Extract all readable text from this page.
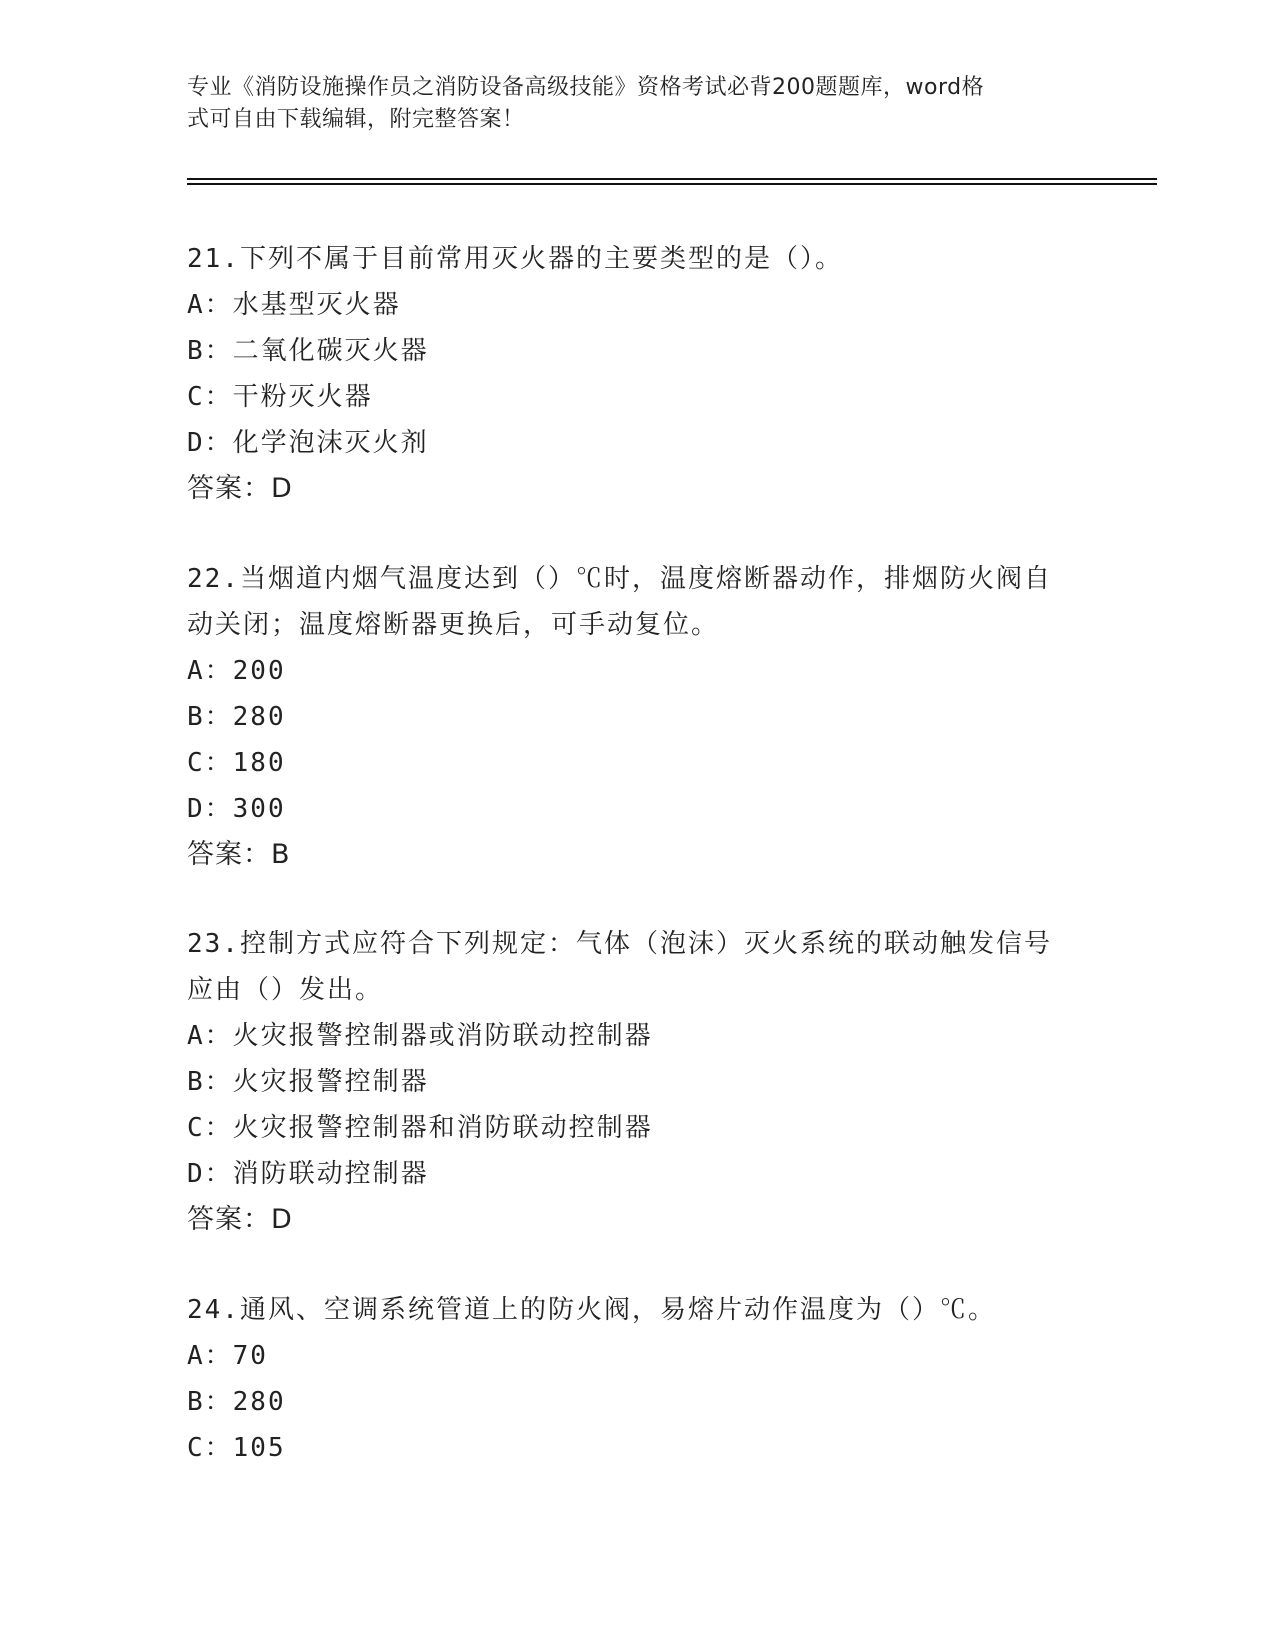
专业《消防设施操作员之消防设备高级技能》资格考试必背200题题库，word格
式可自由下载编辑，附完整答案！

21.下列不属于目前常用灭火器的主要类型的是（）。

A：水基型灭火器

B：二氧化碳灭火器

C：干粉灭火器

D：化学泡沫灭火剂

答案：D

22.当烟道内烟气温度达到（）℃时，温度熔断器动作，排烟防火阀自

动关闭；温度熔断器更换后，可手动复位。

A：200

B：280

C：180

D：300

答案：B

23.控制方式应符合下列规定：气体（泡沫）灭火系统的联动触发信号

应由（）发出。

A：火灾报警控制器或消防联动控制器

B：火灾报警控制器

C：火灾报警控制器和消防联动控制器

D：消防联动控制器

答案：D

24.通风、空调系统管道上的防火阀，易熔片动作温度为（）℃。

A：70

B：280

C：105
